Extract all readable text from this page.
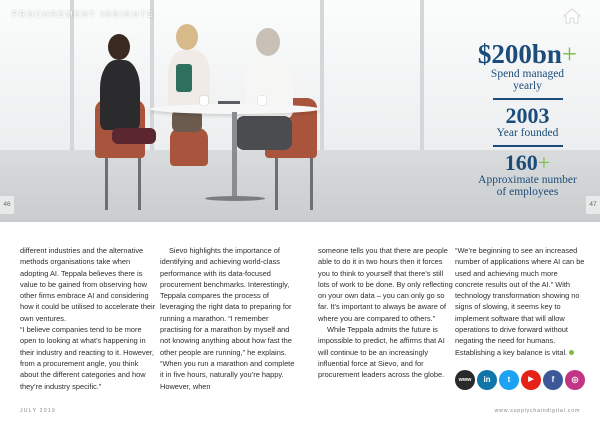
PROCUREMENT INSIGHTS
46	47
$200bn+
Spend managed yearly
2003
Year founded
160+
Approximate number of employees

different industries and the alternative methods organisations take when adopting AI. Teppala believes there is value to be gained from observing how other firms embrace AI and considering how it could be utilised to accelerate their own ventures.

“I believe companies tend to be more open to looking at what’s happening in their industry and reacting to it. However, from a procurement angle, you think about the different categories and how they’re industry specific.”

Sievo highlights the importance of identifying and achieving world-class performance with its data-focused procurement benchmarks. Interestingly, Teppala compares the process of leveraging the right data to preparing for running a marathon. “I remember practising for a marathon by myself and not knowing anything about how fast the other people are running,” he explains. “When you run a marathon and complete it in five hours, naturally you’re happy. However, when

someone tells you that there are people able to do it in two hours then it forces you to think to yourself that there’s still lots of work to be done. By only reflecting on your own data – you can only go so far. It’s important to always be aware of where you are compared to others.”

While Teppala admits the future is impossible to predict, he affirms that AI will continue to be an increasingly influential force at Sievo, and for procurement leaders across the globe.

“We’re beginning to see an increased number of applications where AI can be used and achieving much more concrete results out of the AI.” With technology transformation showing no signs of slowing, it seems key to implement software that will allow operations to drive forward without negating the need for humans. Establishing a key balance is vital.

www	in	t	▶	f	◎
JULY 2019	www.supplychaindigital.com
